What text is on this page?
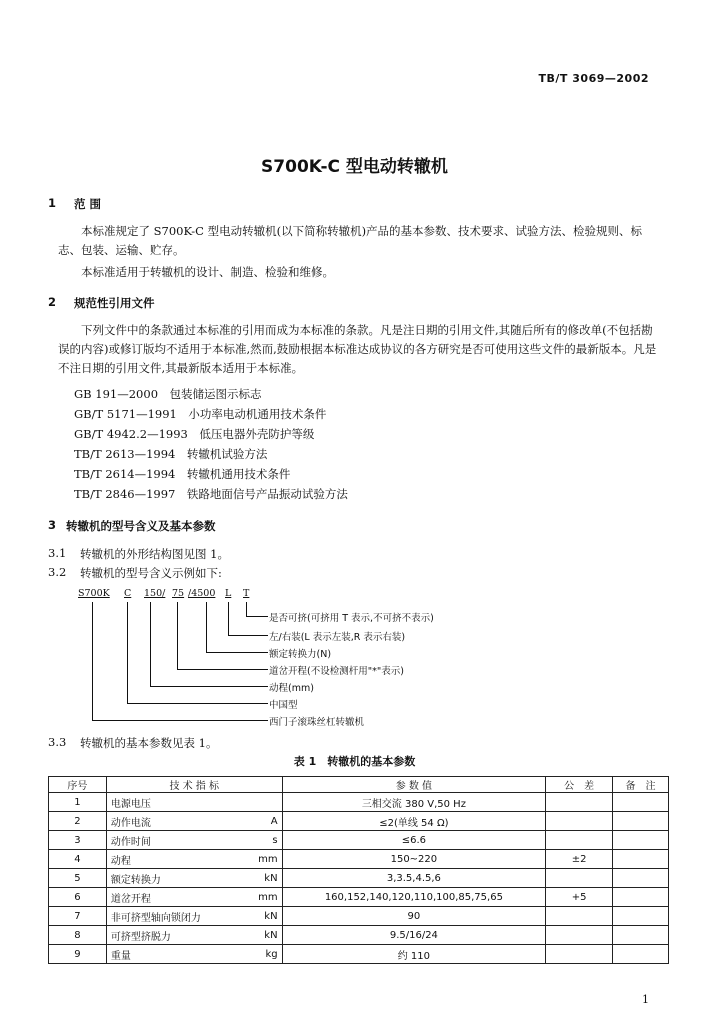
TB/T 3069—2002
S700K-C 型电动转辙机
1 范 围
本标准规定了 S700K-C 型电动转辙机(以下简称转辙机)产品的基本参数、技术要求、试验方法、检验规则、标志、包装、运输、贮存。
本标准适用于转辙机的设计、制造、检验和维修。
2 规范性引用文件
下列文件中的条款通过本标准的引用而成为本标准的条款。凡是注日期的引用文件,其随后所有的修改单(不包括勘误的内容)或修订版均不适用于本标准,然而,鼓励根据本标准达成协议的各方研究是否可使用这些文件的最新版本。凡是不注日期的引用文件,其最新版本适用于本标准。
GB 191—2000　包装储运图示标志
GB/T 5171—1991　小功率电动机通用技术条件
GB/T 4942.2—1993　低压电器外壳防护等级
TB/T 2613—1994　转辙机试验方法
TB/T 2614—1994　转辙机通用技术条件
TB/T 2846—1997　铁路地面信号产品振动试验方法
3 转辙机的型号含义及基本参数
3.1 转辙机的外形结构图见图 1。
3.2 转辙机的型号含义示例如下:
S700K C 150/ 75 /4500 L T
是否可挤(可挤用 T 表示,不可挤不表示)
左/右装(L 表示左装,R 表示右装)
额定转换力(N)
道岔开程(不设检测杆用"*"表示)
动程(mm)
中国型
西门子滚珠丝杠转辙机
3.3 转辙机的基本参数见表 1。
表 1　转辙机的基本参数
序号	技 术 指 标		参 数 值	公　差	备　注
1	电源电压		三相交流 380 V,50 Hz		
2	动作电流	A	≤2(单线 54 Ω)		
3	动作时间	s	≤6.6		
4	动程	mm	150~220	±2	
5	额定转换力	kN	3,3.5,4.5,6		
6	道岔开程	mm	160,152,140,120,110,100,85,75,65	+5	
7	非可挤型轴向锁闭力	kN	90		
8	可挤型挤脱力	kN	9.5/16/24		
9	重量	kg	约 110		
1
